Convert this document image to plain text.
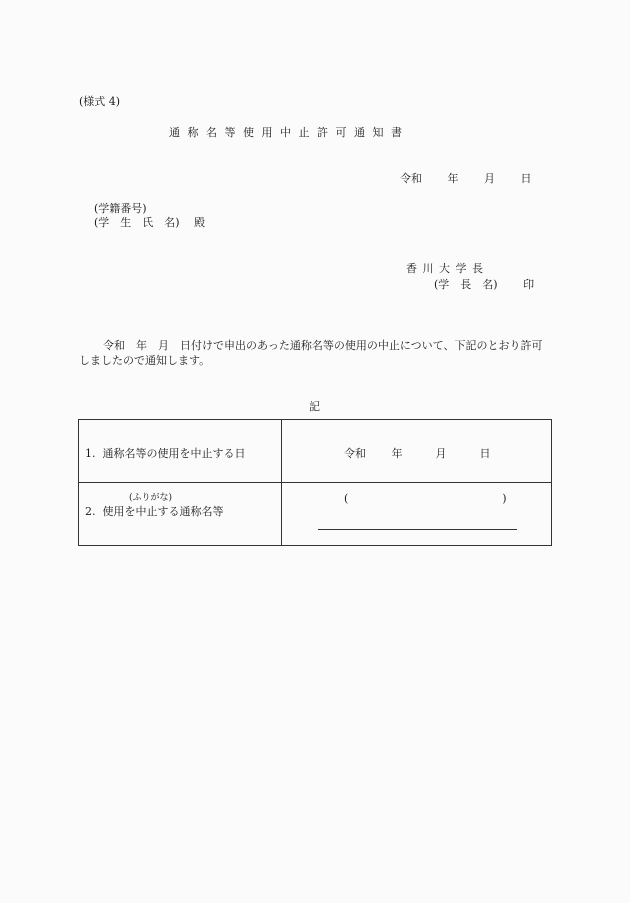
(様式 4)
通 称 名 等 使 用 中 止 許 可 通 知 書
令和　　 年　　 月　　 日
(学籍番号)
(学　生　氏　名)　 殿
香 川 大 学 長
(学　長　名)　　 印
令和　年　月　日付けで申出のあった通称名等の使用の中止について、下記のとおり許可しましたので通知します。
記
1.  通称名等の使用を中止する日	令和　　 年　　　月　　　日

(ふりがな)
2.  使用を中止する通称名等	(　　　　　　　　　　　　　　)
